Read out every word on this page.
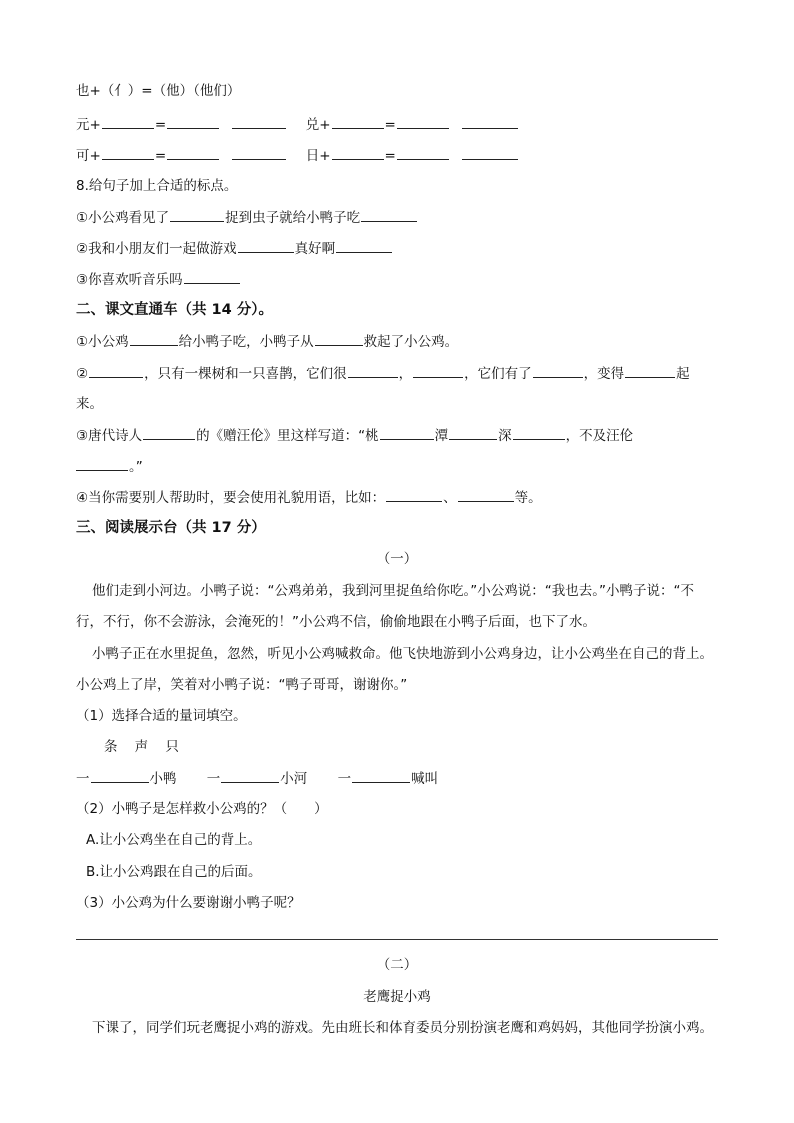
也+（亻）=（他）（他们）
元+	=	兑+	=
可+	=	日+	=
8.给句子加上合适的标点。
①小公鸡看见了	捉到虫子就给小鸭子吃
②我和小朋友们一起做游戏	真好啊
③你喜欢听音乐吗
二、课文直通车（共 14 分）。
①小公鸡	给小鸭子吃，小鸭子从	救起了小公鸡。
②	，只有一棵树和一只喜鹊，它们很	，	，它们有了	，变得	起
来。
③唐代诗人	的《赠汪伦》里这样写道：“桃	潭	深	，不及汪伦
。”
④当你需要别人帮助时，要会使用礼貌用语，比如：	、	等。
三、阅读展示台（共 17 分）
（一）
他们走到小河边。小鸭子说：“公鸡弟弟，我到河里捉鱼给你吃。”小公鸡说：“我也去。”小鸭子说：“不
行，不行，你不会游泳，会淹死的！”小公鸡不信，偷偷地跟在小鸭子后面，也下了水。
小鸭子正在水里捉鱼，忽然，听见小公鸡喊救命。他飞快地游到小公鸡身边，让小公鸡坐在自己的背上。
小公鸡上了岸，笑着对小鸭子说：“鸭子哥哥，谢谢你。”
（1）选择合适的量词填空。
条    声    只
一	小鸭 一	小河 一	喊叫
（2）小鸭子是怎样救小公鸡的？（　　）
A.让小公鸡坐在自己的背上。
B.让小公鸡跟在自己的后面。
（3）小公鸡为什么要谢谢小鸭子呢？
（二）
老鹰捉小鸡
下课了，同学们玩老鹰捉小鸡的游戏。先由班长和体育委员分别扮演老鹰和鸡妈妈，其他同学扮演小鸡。
